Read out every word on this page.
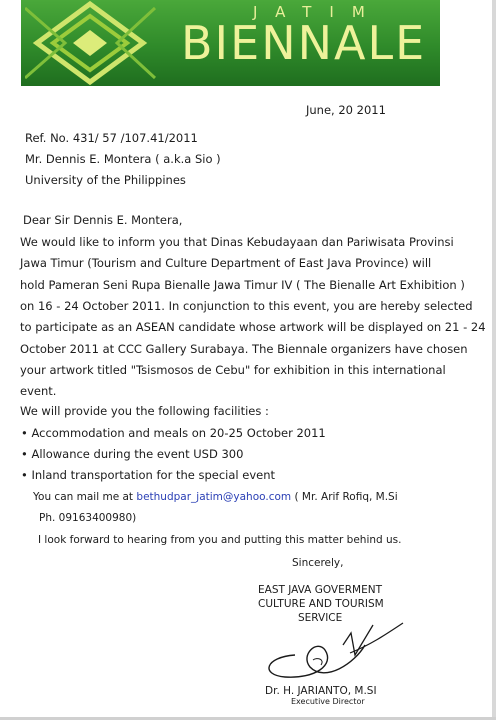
JATIM
BIENNALE
June, 20 2011
Ref. No. 431/ 57 /107.41/2011
Mr. Dennis E. Montera ( a.k.a Sio )
University of the Philippines
Dear Sir Dennis E. Montera,
We would like to inform you that Dinas Kebudayaan dan Pariwisata Provinsi
Jawa Timur (Tourism and Culture Department of East Java Province) will
hold Pameran Seni Rupa Bienalle Jawa Timur IV ( The Bienalle Art Exhibition )
on 16 - 24 October 2011. In conjunction to this event, you are hereby selected
to participate as an ASEAN candidate whose artwork will be displayed on 21 - 24
October 2011 at CCC Gallery Surabaya. The Biennale organizers have chosen
your artwork titled "Tsismosos de Cebu" for exhibition in this international
event.
We will provide you the following facilities :
• Accommodation and meals on 20-25 October 2011
• Allowance during the event USD 300
• Inland transportation for the special event
You can mail me at bethudpar_jatim@yahoo.com ( Mr. Arif Rofiq, M.Si
Ph. 09163400980)
I look forward to hearing from you and putting this matter behind us.
Sincerely,
EAST JAVA GOVERMENT
CULTURE AND TOURISM
SERVICE
Dr. H. JARIANTO, M.SI
Executive Director
